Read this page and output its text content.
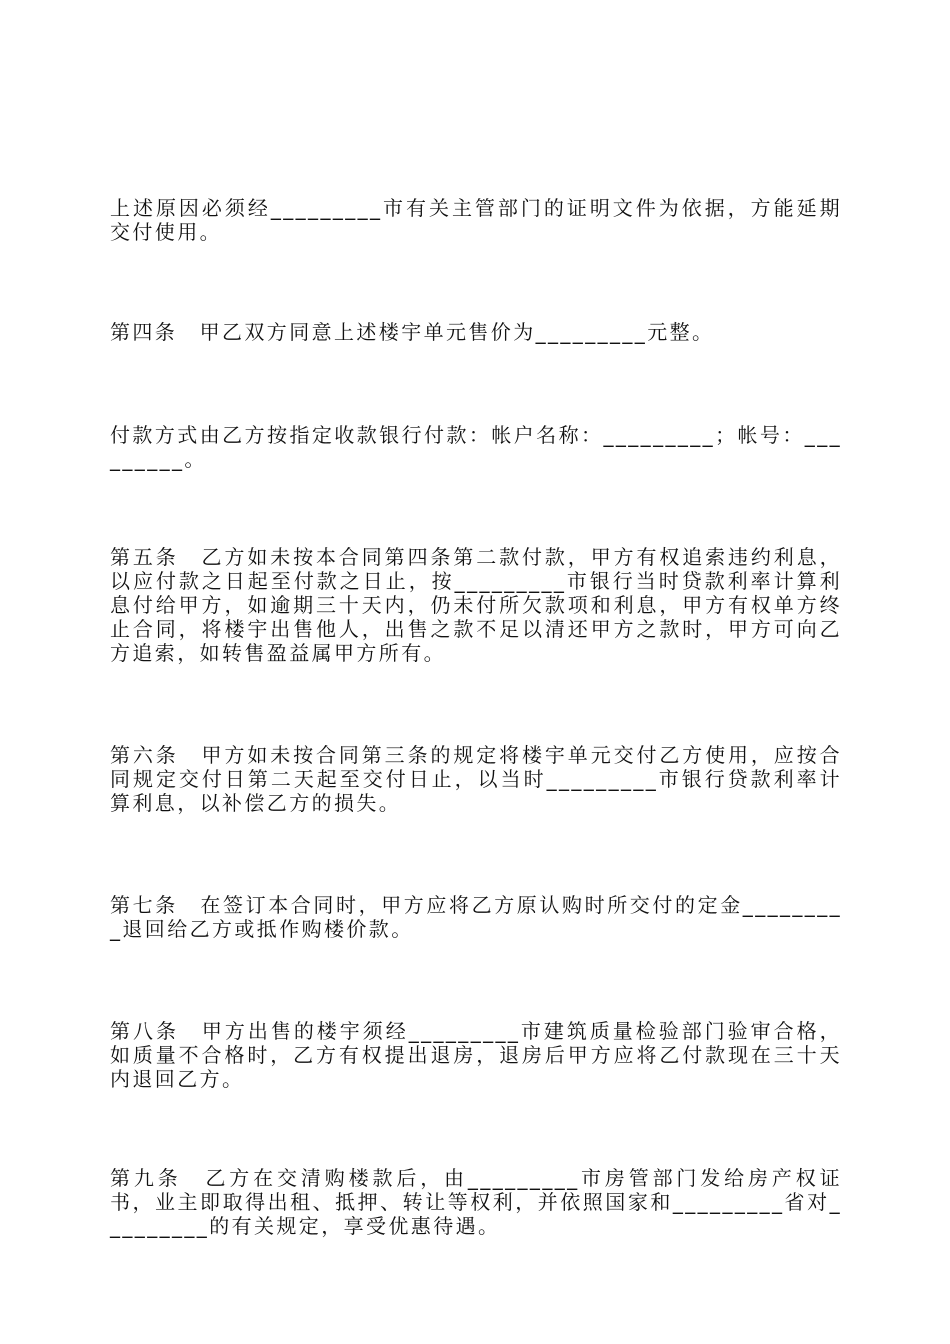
上述原因必须经_________市有关主管部门的证明文件为依据，方能延期交付使用。

第四条　甲乙双方同意上述楼宇单元售价为_________元整。

付款方式由乙方按指定收款银行付款：帐户名称：_________；帐号：_________。

第五条　乙方如未按本合同第四条第二款付款，甲方有权追索违约利息，以应付款之日起至付款之日止，按_________市银行当时贷款利率计算利息付给甲方，如逾期三十天内，仍未付所欠款项和利息，甲方有权单方终止合同，将楼宇出售他人，出售之款不足以清还甲方之款时，甲方可向乙方追索，如转售盈益属甲方所有。

第六条　甲方如未按合同第三条的规定将楼宇单元交付乙方使用，应按合同规定交付日第二天起至交付日止，以当时_________市银行贷款利率计算利息，以补偿乙方的损失。

第七条　在签订本合同时，甲方应将乙方原认购时所交付的定金_________退回给乙方或抵作购楼价款。

第八条　甲方出售的楼宇须经_________市建筑质量检验部门验审合格，如质量不合格时，乙方有权提出退房，退房后甲方应将乙付款现在三十天内退回乙方。

第九条　乙方在交清购楼款后，由_________市房管部门发给房产权证书，业主即取得出租、抵押、转让等权利，并依照国家和_________省对_________的有关规定，享受优惠待遇。
